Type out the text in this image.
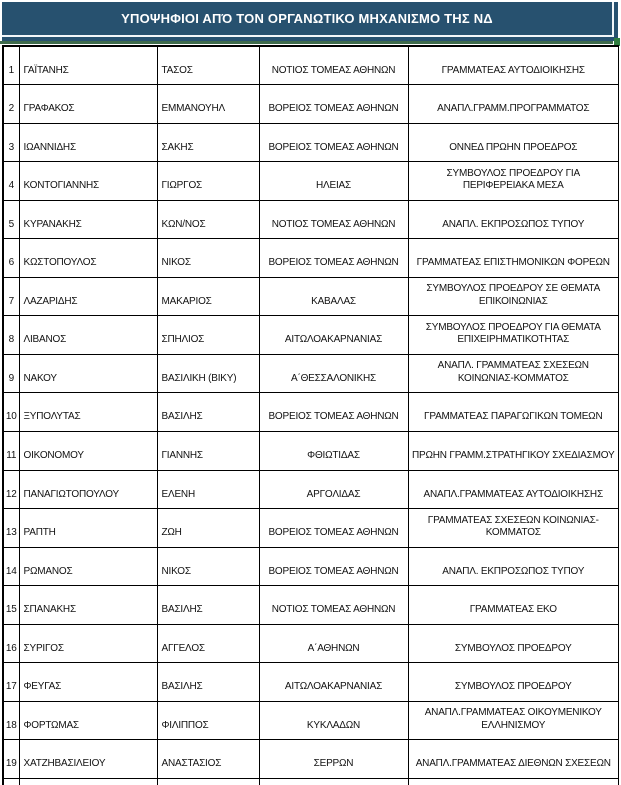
ΥΠΟΨΗΦΙΟΙ ΑΠΌ ΤΟΝ ΟΡΓΑΝΩΤΙΚΟ ΜΗΧΑΝΙΣΜΟ ΤΗΣ ΝΔ
1	ΓΑΪΤΑΝΗΣ	ΤΑΣΟΣ	ΝΟΤΙΟΣ ΤΟΜΕΑΣ ΑΘΗΝΩΝ	ΓΡΑΜΜΑΤΕΑΣ ΑΥΤΟΔΙΟΙΚΗΣΗΣ
2	ΓΡΑΦΑΚΟΣ	ΕΜΜΑΝΟΥΗΛ	ΒΟΡΕΙΟΣ ΤΟΜΕΑΣ ΑΘΗΝΩΝ	ΑΝΑΠΛ.ΓΡΑΜΜ.ΠΡΟΓΡΑΜΜΑΤΟΣ
3	ΙΩΑΝΝΙΔΗΣ	ΣΑΚΗΣ	ΒΟΡΕΙΟΣ ΤΟΜΕΑΣ ΑΘΗΝΩΝ	ΟΝΝΕΔ ΠΡΩΗΝ ΠΡΟΕΔΡΟΣ
4	ΚΟΝΤΟΓΙΑΝΝΗΣ	ΓΙΩΡΓΟΣ	ΗΛΕΙΑΣ	ΣΥΜΒΟΥΛΟΣ ΠΡΟΕΔΡΟΥ ΓΙΑ ΠΕΡΙΦΕΡΕΙΑΚΑ ΜΕΣΑ
5	ΚΥΡΑΝΑΚΗΣ	ΚΩΝ/ΝΟΣ	ΝΟΤΙΟΣ ΤΟΜΕΑΣ ΑΘΗΝΩΝ	ΑΝΑΠΛ. ΕΚΠΡΟΣΩΠΟΣ ΤΥΠΟΥ
6	ΚΩΣΤΟΠΟΥΛΟΣ	ΝΙΚΟΣ	ΒΟΡΕΙΟΣ ΤΟΜΕΑΣ ΑΘΗΝΩΝ	ΓΡΑΜΜΑΤΕΑΣ ΕΠΙΣΤΗΜΟΝΙΚΩΝ ΦΟΡΕΩΝ
7	ΛΑΖΑΡΙΔΗΣ	ΜΑΚΑΡΙΟΣ	ΚΑΒΑΛΑΣ	ΣΥΜΒΟΥΛΟΣ ΠΡΟΕΔΡΟΥ ΣΕ ΘΕΜΑΤΑ ΕΠΙΚΟΙΝΩΝΙΑΣ
8	ΛΙΒΑΝΟΣ	ΣΠΗΛΙΟΣ	ΑΙΤΩΛΟΑΚΑΡΝΑΝΙΑΣ	ΣΥΜΒΟΥΛΟΣ ΠΡΟΕΔΡΟΥ ΓΙΑ ΘΕΜΑΤΑ ΕΠΙΧΕΙΡΗΜΑΤΙΚΟΤΗΤΑΣ
9	ΝΑΚΟΥ	ΒΑΣΙΛΙΚΗ (ΒΙΚΥ)	Α΄ΘΕΣΣΑΛΟΝΙΚΗΣ	ΑΝΑΠΛ. ΓΡΑΜΜΑΤΕΑΣ ΣΧΕΣΕΩΝ ΚΟΙΝΩΝΙΑΣ-ΚΟΜΜΑΤΟΣ
10	ΞΥΠΟΛΥΤΑΣ	ΒΑΣΙΛΗΣ	ΒΟΡΕΙΟΣ ΤΟΜΕΑΣ ΑΘΗΝΩΝ	ΓΡΑΜΜΑΤΕΑΣ ΠΑΡΑΓΩΓΙΚΩΝ ΤΟΜΕΩΝ
11	ΟΙΚΟΝΟΜΟΥ	ΓΙΑΝΝΗΣ	ΦΘΙΩΤΙΔΑΣ	ΠΡΩΗΝ ΓΡΑΜΜ.ΣΤΡΑΤΗΓΙΚΟΥ ΣΧΕΔΙΑΣΜΟΥ
12	ΠΑΝΑΓΙΩΤΟΠΟΥΛΟΥ	ΕΛΕΝΗ	ΑΡΓΟΛΙΔΑΣ	ΑΝΑΠΛ.ΓΡΑΜΜΑΤΕΑΣ ΑΥΤΟΔΙΟΙΚΗΣΗΣ
13	ΡΑΠΤΗ	ΖΩΗ	ΒΟΡΕΙΟΣ ΤΟΜΕΑΣ ΑΘΗΝΩΝ	ΓΡΑΜΜΑΤΕΑΣ ΣΧΕΣΕΩΝ ΚΟΙΝΩΝΙΑΣ-ΚΟΜΜΑΤΟΣ
14	ΡΩΜΑΝΟΣ	ΝΙΚΟΣ	ΒΟΡΕΙΟΣ ΤΟΜΕΑΣ ΑΘΗΝΩΝ	ΑΝΑΠΛ. ΕΚΠΡΟΣΩΠΟΣ ΤΥΠΟΥ
15	ΣΠΑΝΑΚΗΣ	ΒΑΣΙΛΗΣ	ΝΟΤΙΟΣ ΤΟΜΕΑΣ ΑΘΗΝΩΝ	ΓΡΑΜΜΑΤΕΑΣ ΕΚΟ
16	ΣΥΡΙΓΟΣ	ΑΓΓΕΛΟΣ	Α΄ΑΘΗΝΩΝ	ΣΥΜΒΟΥΛΟΣ ΠΡΟΕΔΡΟΥ
17	ΦΕΥΓΑΣ	ΒΑΣΙΛΗΣ	ΑΙΤΩΛΟΑΚΑΡΝΑΝΙΑΣ	ΣΥΜΒΟΥΛΟΣ ΠΡΟΕΔΡΟΥ
18	ΦΟΡΤΩΜΑΣ	ΦΙΛΙΠΠΟΣ	ΚΥΚΛΑΔΩΝ	ΑΝΑΠΛ.ΓΡΑΜΜΑΤΕΑΣ ΟΙΚΟΥΜΕΝΙΚΟΥ ΕΛΛΗΝΙΣΜΟΥ
19	ΧΑΤΖΗΒΑΣΙΛΕΙΟΥ	ΑΝΑΣΤΑΣΙΟΣ	ΣΕΡΡΩΝ	ΑΝΑΠΛ.ΓΡΑΜΜΑΤΕΑΣ ΔΙΕΘΝΩΝ ΣΧΕΣΕΩΝ
